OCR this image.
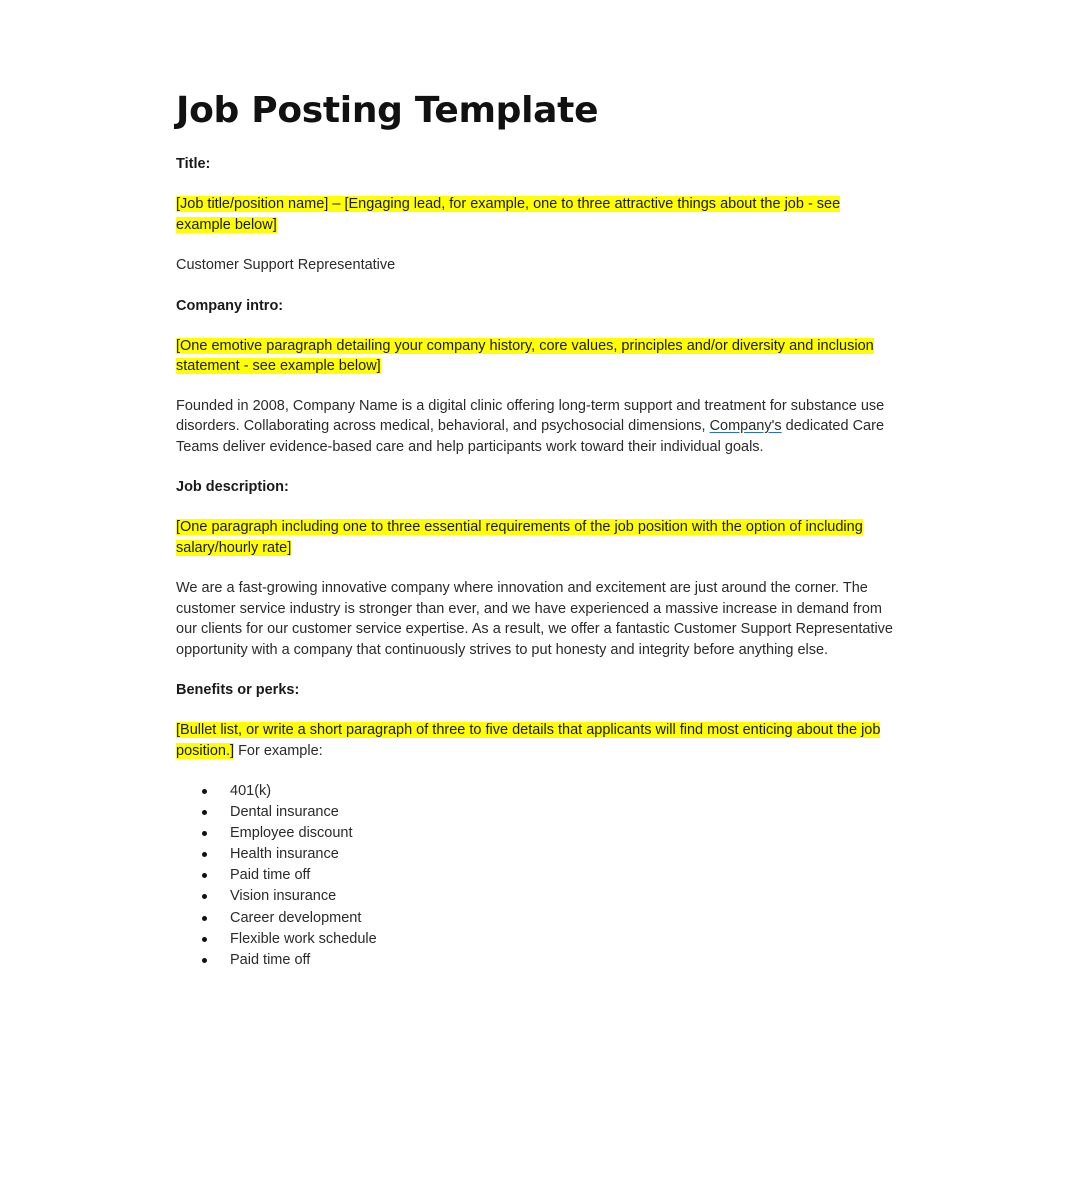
Job Posting Template

Title:

[Job title/position name] – [Engaging lead, for example, one to three attractive things about the job - see example below]

Customer Support Representative

Company intro:

[One emotive paragraph detailing your company history, core values, principles and/or diversity and inclusion statement - see example below]

Founded in 2008, Company Name is a digital clinic offering long-term support and treatment for substance use disorders. Collaborating across medical, behavioral, and psychosocial dimensions, Company's dedicated Care Teams deliver evidence-based care and help participants work toward their individual goals.

Job description:

[One paragraph including one to three essential requirements of the job position with the option of including salary/hourly rate]

We are a fast-growing innovative company where innovation and excitement are just around the corner. The customer service industry is stronger than ever, and we have experienced a massive increase in demand from our clients for our customer service expertise. As a result, we offer a fantastic Customer Support Representative opportunity with a company that continuously strives to put honesty and integrity before anything else.

Benefits or perks:

[Bullet list, or write a short paragraph of three to five details that applicants will find most enticing about the job position.] For example:

401(k)
Dental insurance
Employee discount
Health insurance
Paid time off
Vision insurance
Career development
Flexible work schedule
Paid time off
